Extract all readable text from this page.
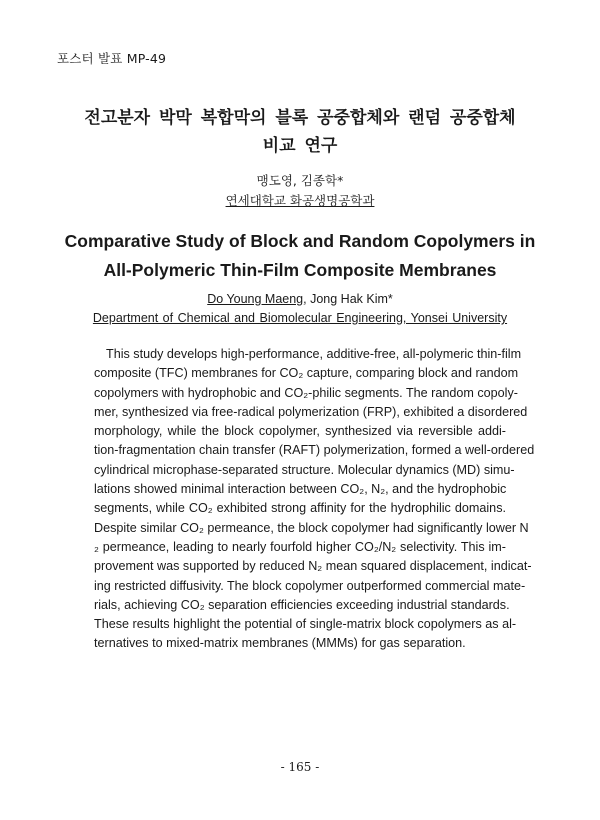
포스터 발표 MP-49
전고분자 박막 복합막의 블록 공중합체와 랜덤 공중합체
비교 연구
맹도영, 김종학*
연세대학교 화공생명공학과
Comparative Study of Block and Random Copolymers in
All-Polymeric Thin-Film Composite Membranes
Do Young Maeng, Jong Hak Kim*
Department of Chemical and Biomolecular Engineering, Yonsei University
This study develops high-performance, additive-free, all-polymeric thin-film
composite (TFC) membranes for CO₂ capture, comparing block and random
copolymers with hydrophobic and CO₂-philic segments. The random copoly-
mer, synthesized via free-radical polymerization (FRP), exhibited a disordered
morphology, while the block copolymer, synthesized via reversible addi-
tion-fragmentation chain transfer (RAFT) polymerization, formed a well-ordered
cylindrical microphase-separated structure. Molecular dynamics (MD) simu-
lations showed minimal interaction between CO₂, N₂, and the hydrophobic
segments, while CO₂ exhibited strong affinity for the hydrophilic domains.
Despite similar CO₂ permeance, the block copolymer had significantly lower N
₂ permeance, leading to nearly fourfold higher CO₂/N₂ selectivity. This im-
provement was supported by reduced N₂ mean squared displacement, indicat-
ing restricted diffusivity. The block copolymer outperformed commercial mate-
rials, achieving CO₂ separation efficiencies exceeding industrial standards.
These results highlight the potential of single-matrix block copolymers as al-
ternatives to mixed-matrix membranes (MMMs) for gas separation.
- 165 -
